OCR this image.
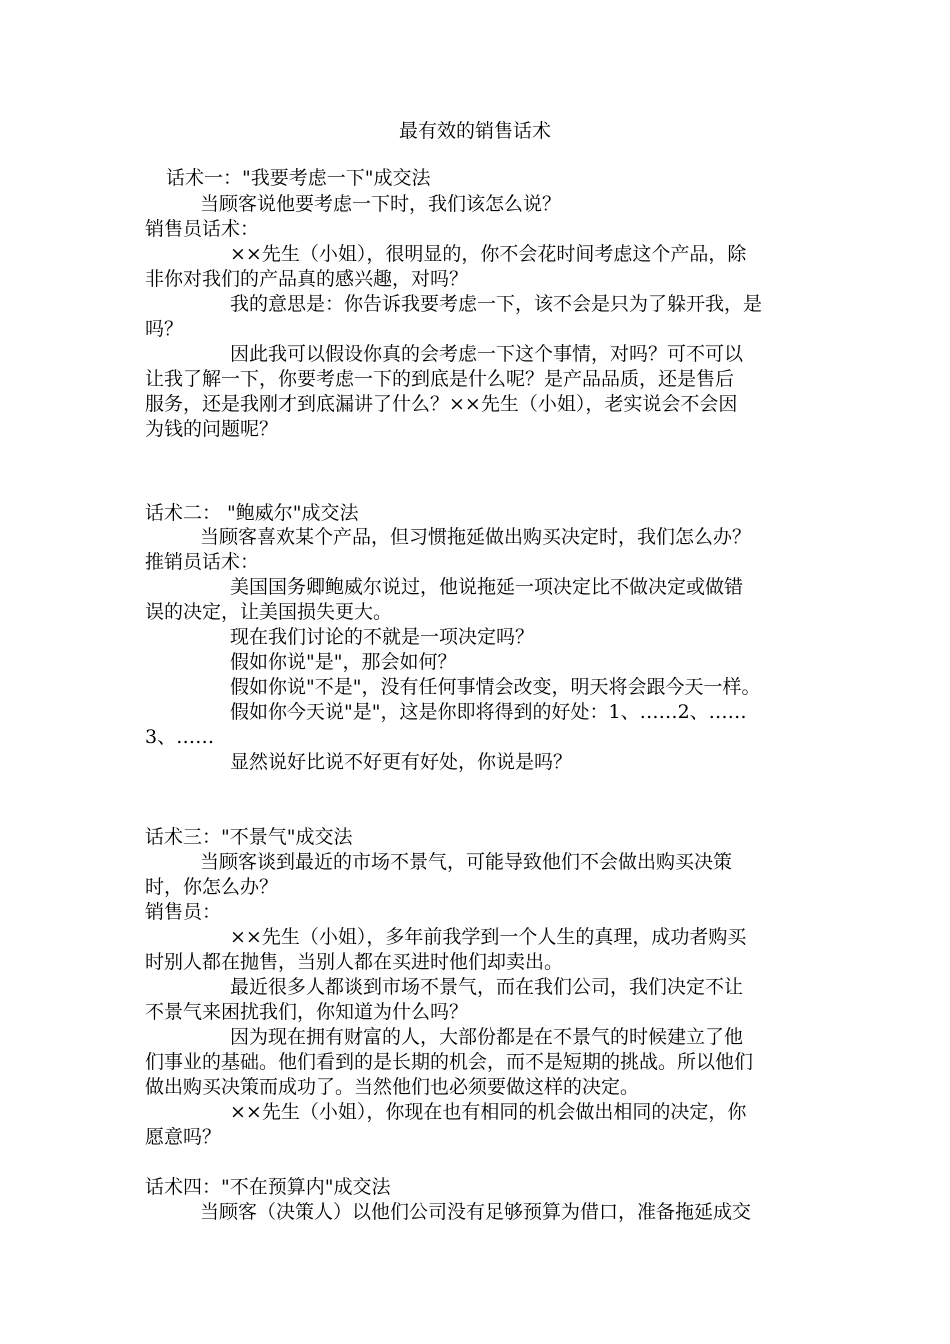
最有效的销售话术
话术一："我要考虑一下"成交法
当顾客说他要考虑一下时，我们该怎么说？
销售员话术：
××先生（小姐），很明显的，你不会花时间考虑这个产品，除
非你对我们的产品真的感兴趣，对吗？
我的意思是：你告诉我要考虑一下，该不会是只为了躲开我，是
吗？
因此我可以假设你真的会考虑一下这个事情，对吗？可不可以
让我了解一下，你要考虑一下的到底是什么呢？是产品品质，还是售后
服务，还是我刚才到底漏讲了什么？××先生（小姐），老实说会不会因
为钱的问题呢？
话术二： "鲍威尔"成交法
当顾客喜欢某个产品，但习惯拖延做出购买决定时，我们怎么办？
推销员话术：
美国国务卿鲍威尔说过，他说拖延一项决定比不做决定或做错
误的决定，让美国损失更大。
现在我们讨论的不就是一项决定吗？
假如你说"是"，那会如何？
假如你说"不是"，没有任何事情会改变，明天将会跟今天一样。
假如你今天说"是"，这是你即将得到的好处：1、……2、……
3、……
显然说好比说不好更有好处，你说是吗？
话术三："不景气"成交法
当顾客谈到最近的市场不景气，可能导致他们不会做出购买决策
时，你怎么办？
销售员：
××先生（小姐），多年前我学到一个人生的真理，成功者购买
时别人都在抛售，当别人都在买进时他们却卖出。
最近很多人都谈到市场不景气，而在我们公司，我们决定不让
不景气来困扰我们，你知道为什么吗？
因为现在拥有财富的人，大部份都是在不景气的时候建立了他
们事业的基础。他们看到的是长期的机会，而不是短期的挑战。所以他们
做出购买决策而成功了。当然他们也必须要做这样的决定。
××先生（小姐），你现在也有相同的机会做出相同的决定，你
愿意吗？
话术四："不在预算内"成交法
当顾客（决策人）以他们公司没有足够预算为借口，准备拖延成交
